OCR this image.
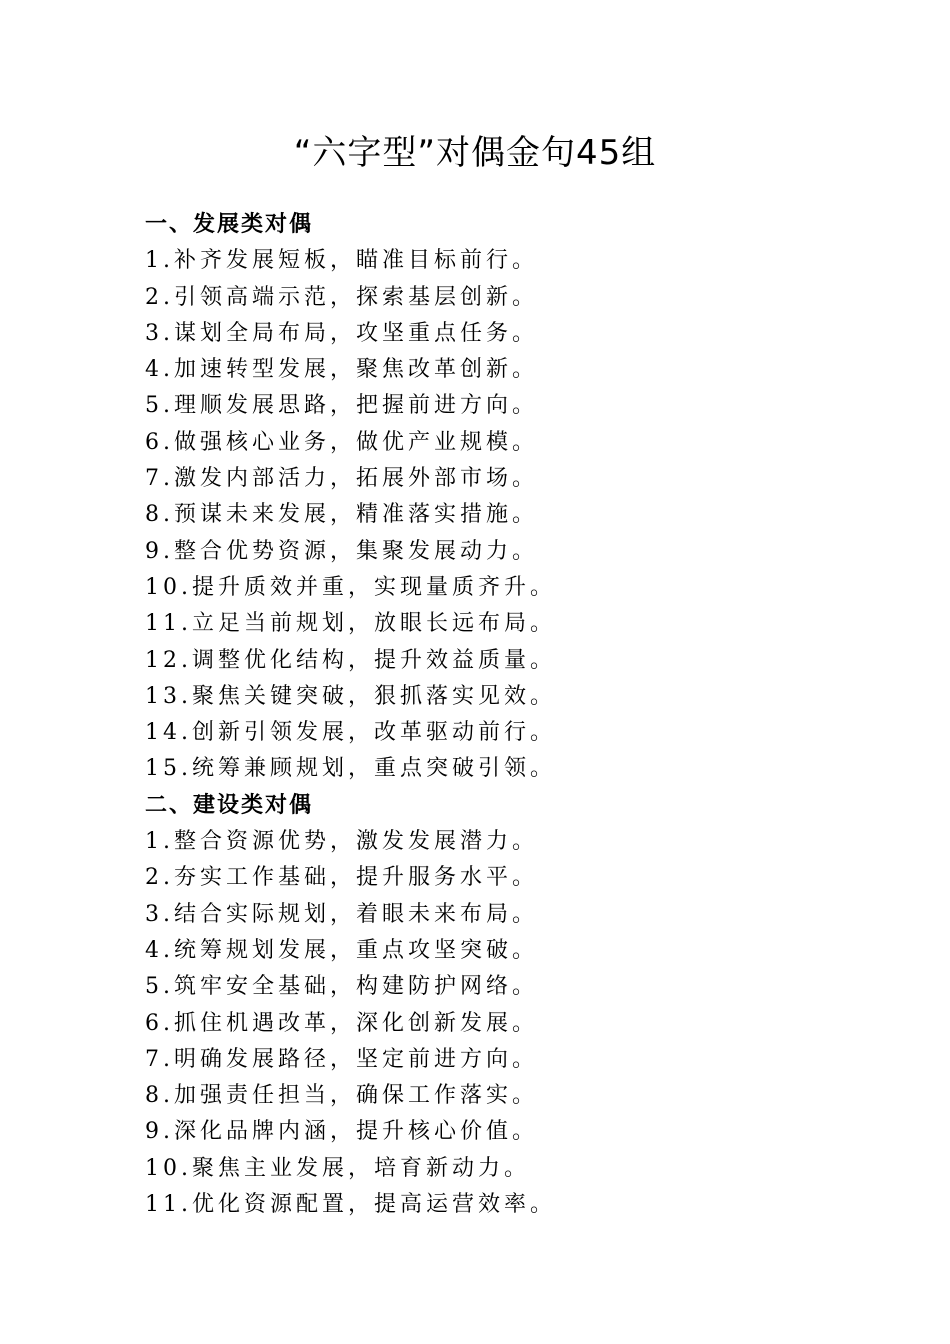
“六字型”对偶金句45组
一、发展类对偶
1.补齐发展短板，瞄准目标前行。
2.引领高端示范，探索基层创新。
3.谋划全局布局，攻坚重点任务。
4.加速转型发展，聚焦改革创新。
5.理顺发展思路，把握前进方向。
6.做强核心业务，做优产业规模。
7.激发内部活力，拓展外部市场。
8.预谋未来发展，精准落实措施。
9.整合优势资源，集聚发展动力。
10.提升质效并重，实现量质齐升。
11.立足当前规划，放眼长远布局。
12.调整优化结构，提升效益质量。
13.聚焦关键突破，狠抓落实见效。
14.创新引领发展，改革驱动前行。
15.统筹兼顾规划，重点突破引领。
二、建设类对偶
1.整合资源优势，激发发展潜力。
2.夯实工作基础，提升服务水平。
3.结合实际规划，着眼未来布局。
4.统筹规划发展，重点攻坚突破。
5.筑牢安全基础，构建防护网络。
6.抓住机遇改革，深化创新发展。
7.明确发展路径，坚定前进方向。
8.加强责任担当，确保工作落实。
9.深化品牌内涵，提升核心价值。
10.聚焦主业发展，培育新动力。
11.优化资源配置，提高运营效率。
